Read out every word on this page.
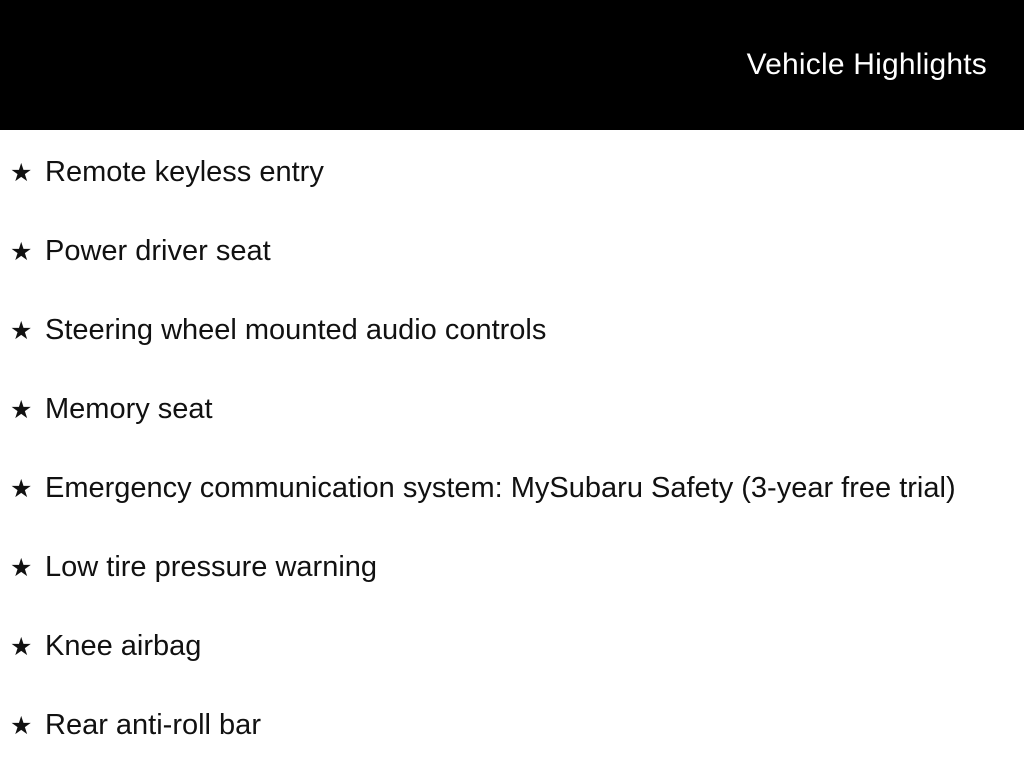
Vehicle Highlights
★ Remote keyless entry
★ Power driver seat
★ Steering wheel mounted audio controls
★ Memory seat
★ Emergency communication system: MySubaru Safety (3-year free trial)
★ Low tire pressure warning
★ Knee airbag
★ Rear anti-roll bar
